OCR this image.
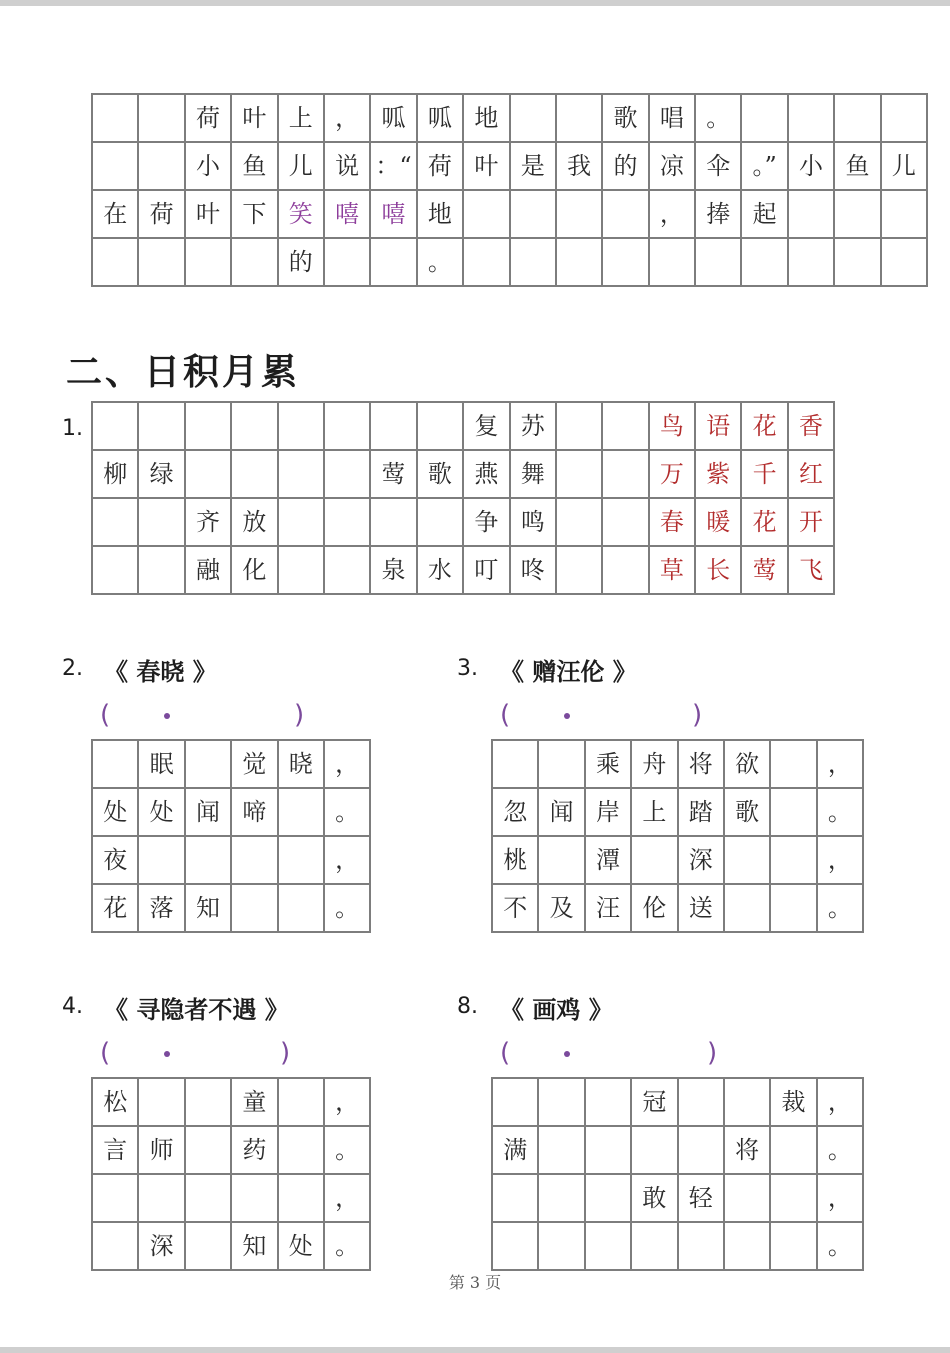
		荷	叶	上	，	呱	呱	地			歌	唱	。				
		小	鱼	儿	说	：“	荷	叶	是	我	的	凉	伞	。”	小	鱼	儿
在	荷	叶	下	笑	嘻	嘻	地					，	捧	起			
				的			。										
二、日积月累
1.
									复	苏			鸟	语	花	香
柳	绿					莺	歌	燕	舞			万	紫	千	红
		齐	放					争	鸣			春	暖	花	开
		融	化			泉	水	叮	咚			草	长	莺	飞
2. 《 春晓 》
(	)
	眠		觉	晓	，
处	处	闻	啼		。
夜					，
花	落	知			。
3. 《 赠汪伦 》
(	)
		乘	舟	将	欲		，
忽	闻	岸	上	踏	歌		。
桃		潭		深			，
不	及	汪	伦	送			。
4. 《 寻隐者不遇 》
(	)
松			童		，
言	师		药		。
					，
	深		知	处	。
8. 《 画鸡 》
(	)
			冠			裁	，
满					将		。
			敢	轻			，
							。
第 3 页
